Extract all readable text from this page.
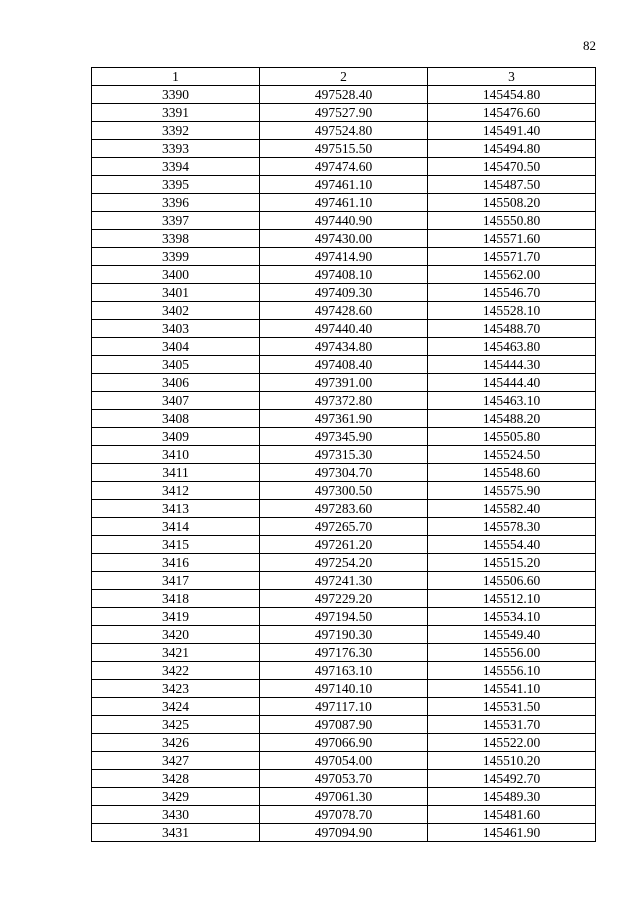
82
1	2	3
3390	497528.40	145454.80
3391	497527.90	145476.60
3392	497524.80	145491.40
3393	497515.50	145494.80
3394	497474.60	145470.50
3395	497461.10	145487.50
3396	497461.10	145508.20
3397	497440.90	145550.80
3398	497430.00	145571.60
3399	497414.90	145571.70
3400	497408.10	145562.00
3401	497409.30	145546.70
3402	497428.60	145528.10
3403	497440.40	145488.70
3404	497434.80	145463.80
3405	497408.40	145444.30
3406	497391.00	145444.40
3407	497372.80	145463.10
3408	497361.90	145488.20
3409	497345.90	145505.80
3410	497315.30	145524.50
3411	497304.70	145548.60
3412	497300.50	145575.90
3413	497283.60	145582.40
3414	497265.70	145578.30
3415	497261.20	145554.40
3416	497254.20	145515.20
3417	497241.30	145506.60
3418	497229.20	145512.10
3419	497194.50	145534.10
3420	497190.30	145549.40
3421	497176.30	145556.00
3422	497163.10	145556.10
3423	497140.10	145541.10
3424	497117.10	145531.50
3425	497087.90	145531.70
3426	497066.90	145522.00
3427	497054.00	145510.20
3428	497053.70	145492.70
3429	497061.30	145489.30
3430	497078.70	145481.60
3431	497094.90	145461.90
